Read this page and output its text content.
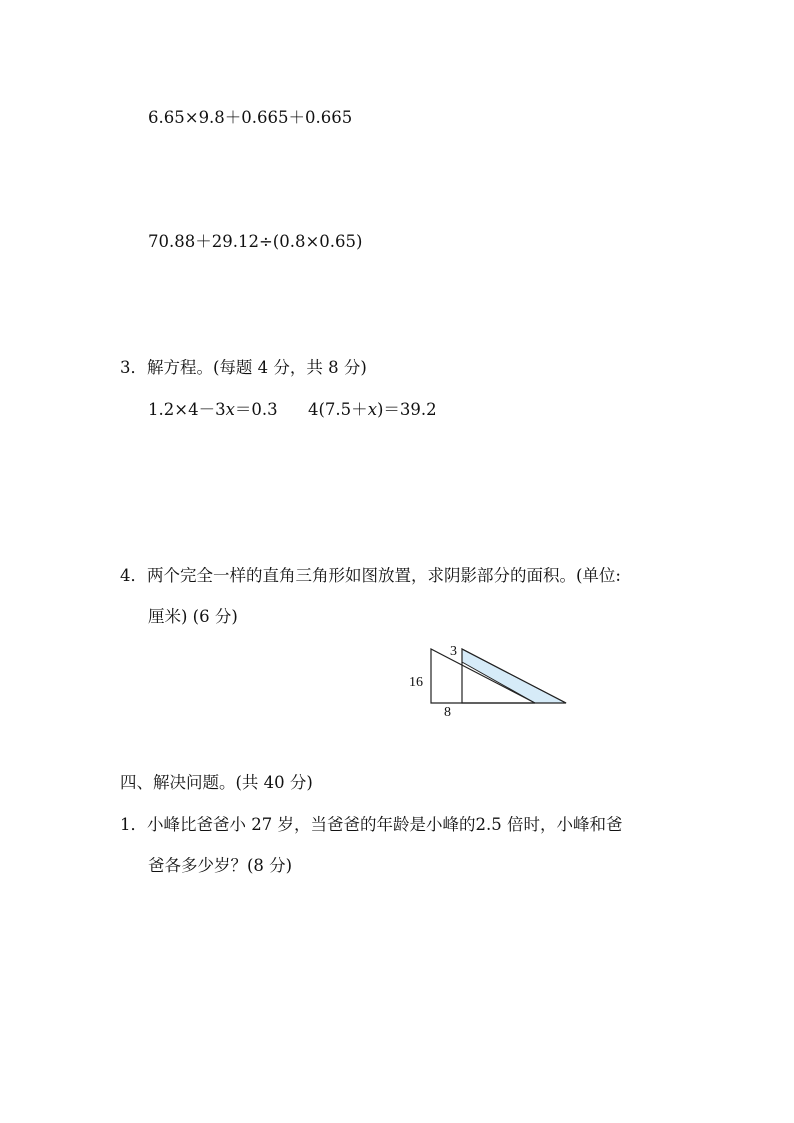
6.65×9.8＋0.665＋0.665
70.88＋29.12÷(0.8×0.65)
3．解方程。(每题 4 分，共 8 分)
1.2×4－3x＝0.3 4(7.5＋x)＝39.2
4．两个完全一样的直角三角形如图放置，求阴影部分的面积。(单位:
厘米) (6 分)
3
16
8
四、解决问题。(共 40 分)
1．小峰比爸爸小 27 岁，当爸爸的年龄是小峰的2.5 倍时，小峰和爸
爸各多少岁？(8 分)
